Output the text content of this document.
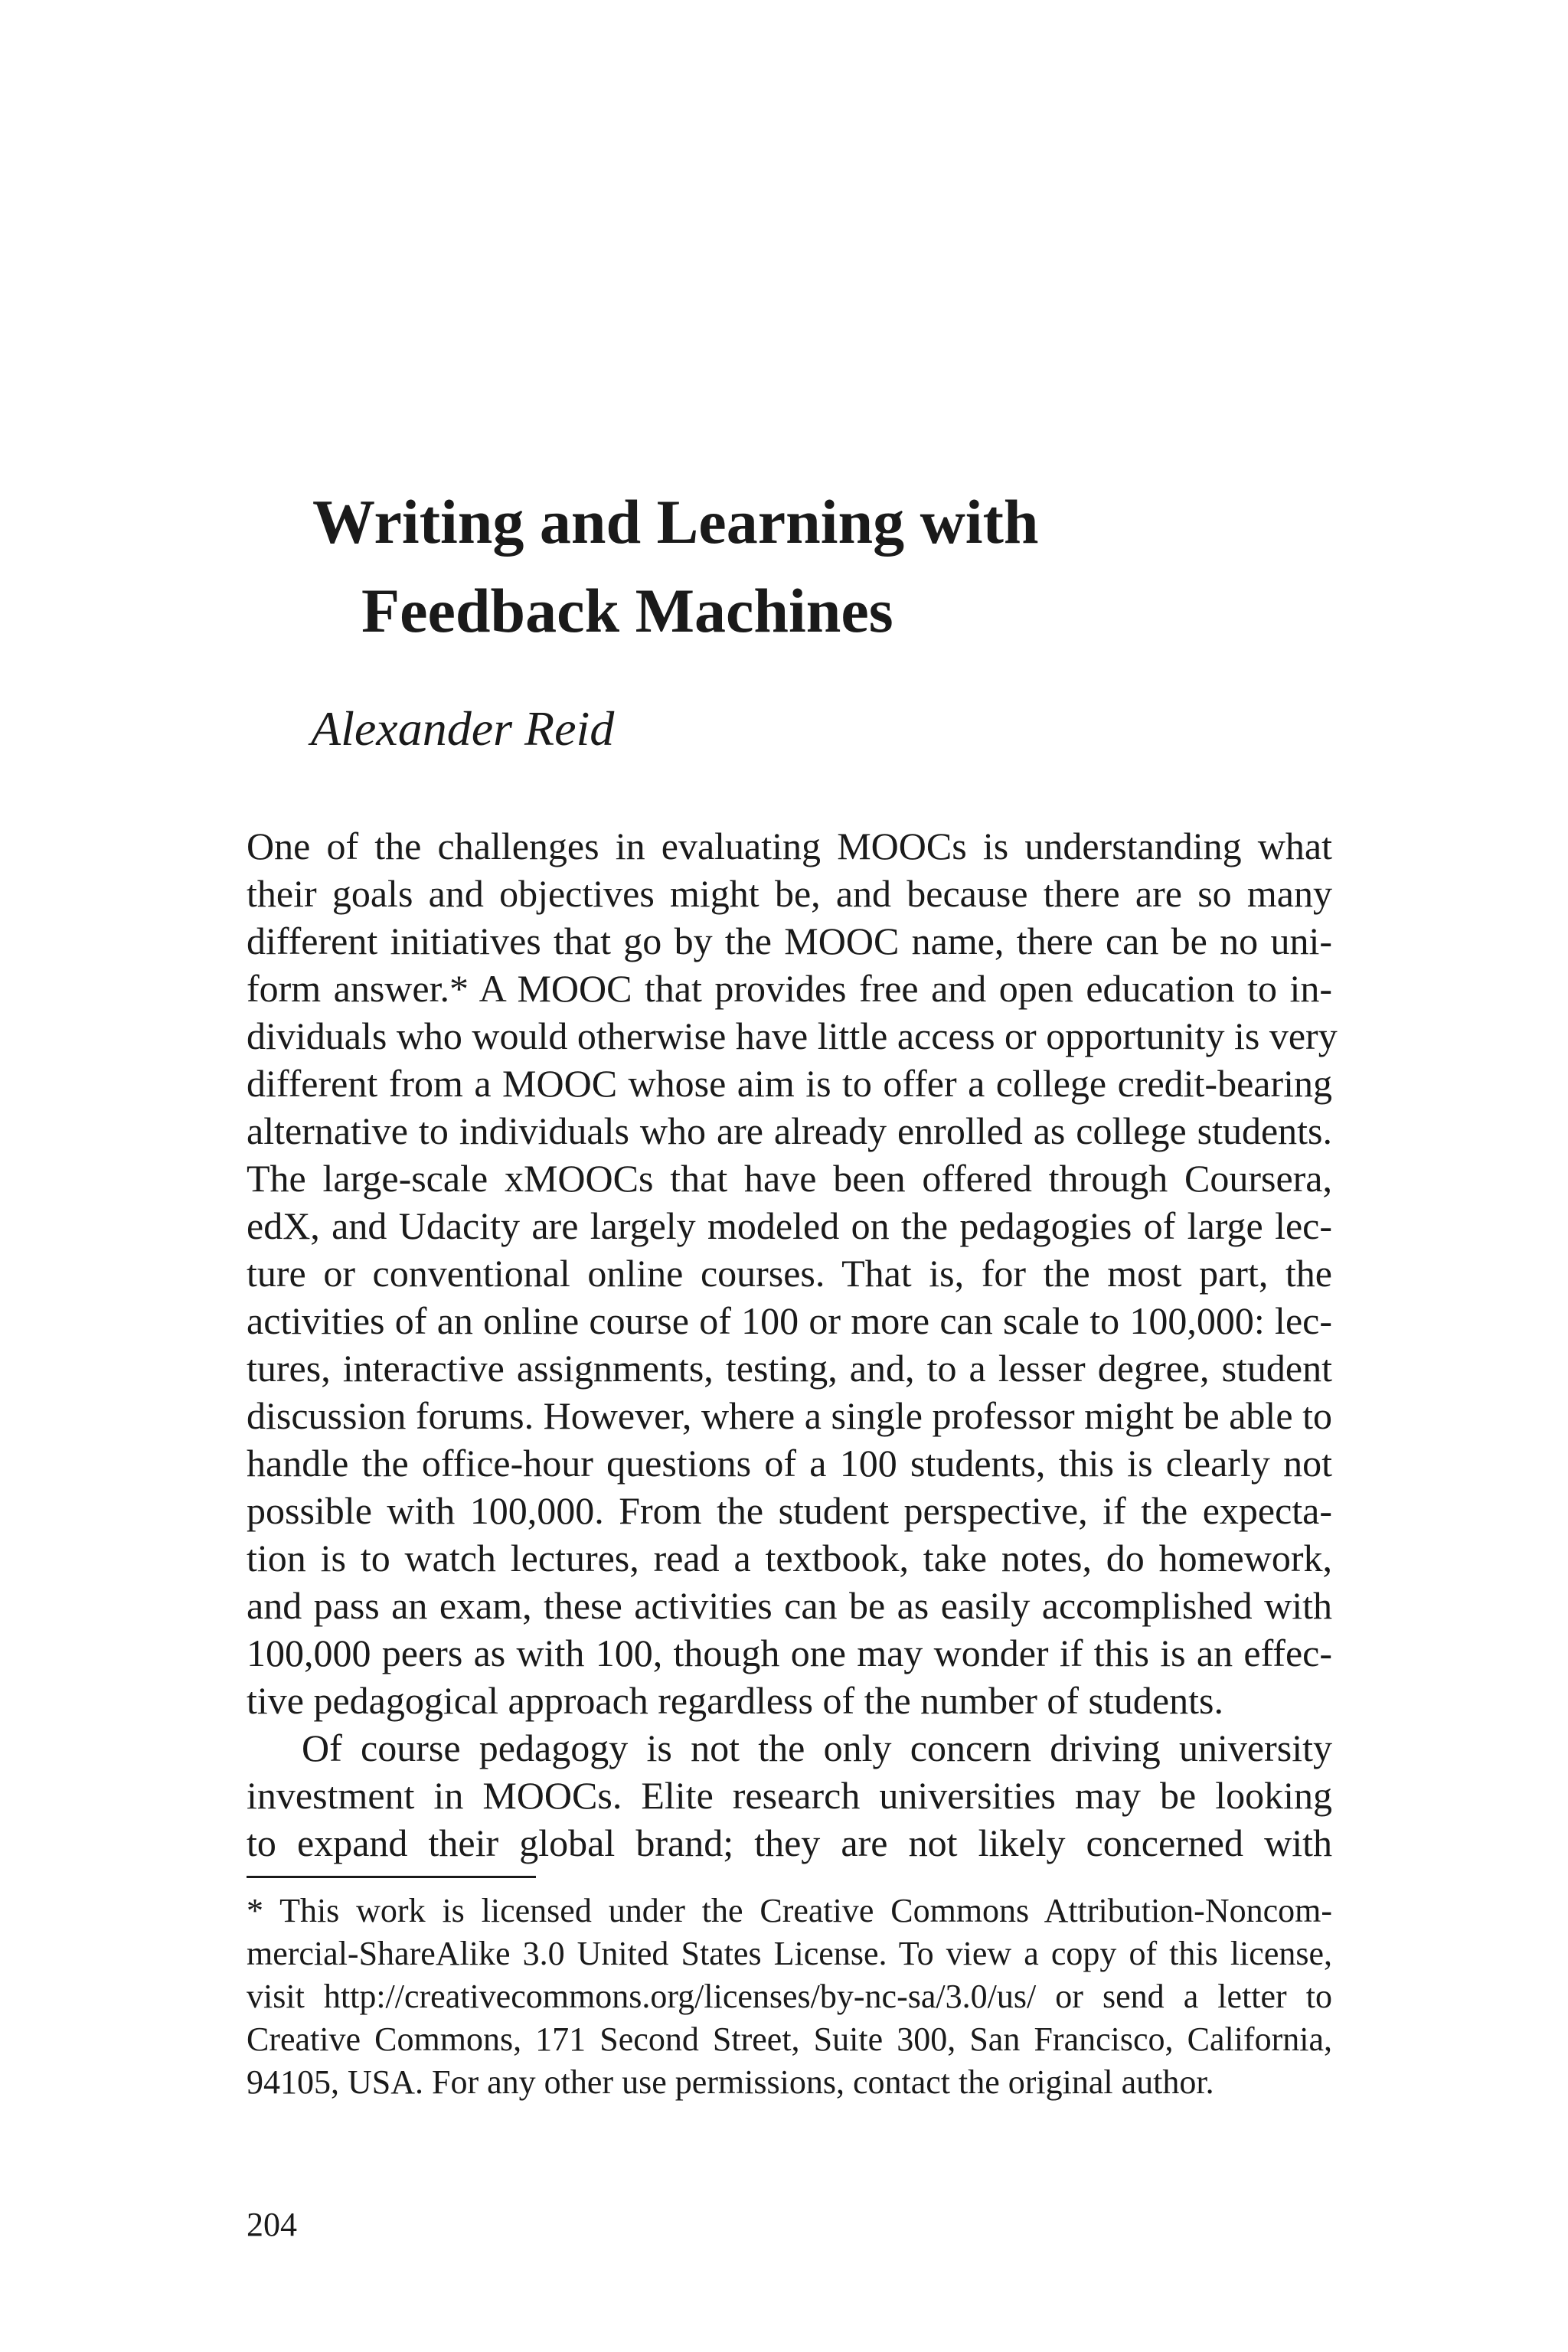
Writing and Learning with
Feedback Machines

Alexander Reid

One of the challenges in evaluating MOOCs is understanding what

their goals and objectives might be, and because there are so many

different initiatives that go by the MOOC name, there can be no uni-

form answer.* A MOOC that provides free and open education to in-

dividuals who would otherwise have little access or opportunity is very

different from a MOOC whose aim is to offer a college credit-bearing

alternative to individuals who are already enrolled as college students.

The large-scale xMOOCs that have been offered through Coursera,

edX, and Udacity are largely modeled on the pedagogies of large lec-

ture or conventional online courses. That is, for the most part, the

activities of an online course of 100 or more can scale to 100,000: lec-

tures, interactive assignments, testing, and, to a lesser degree, student

discussion forums. However, where a single professor might be able to

handle the office-hour questions of a 100 students, this is clearly not

possible with 100,000. From the student perspective, if the expecta-

tion is to watch lectures, read a textbook, take notes, do homework,

and pass an exam, these activities can be as easily accomplished with

100,000 peers as with 100, though one may wonder if this is an effec-

tive pedagogical approach regardless of the number of students.

Of course pedagogy is not the only concern driving university

investment in MOOCs. Elite research universities may be looking

to expand their global brand; they are not likely concerned with

* This work is licensed under the Creative Commons Attribution-Noncom-

mercial-ShareAlike 3.0 United States License. To view a copy of this license,

visit http://creativecommons.org/licenses/by-nc-sa/3.0/us/ or send a letter to

Creative Commons, 171 Second Street, Suite 300, San Francisco, California,

94105, USA. For any other use permissions, contact the original author.

204
